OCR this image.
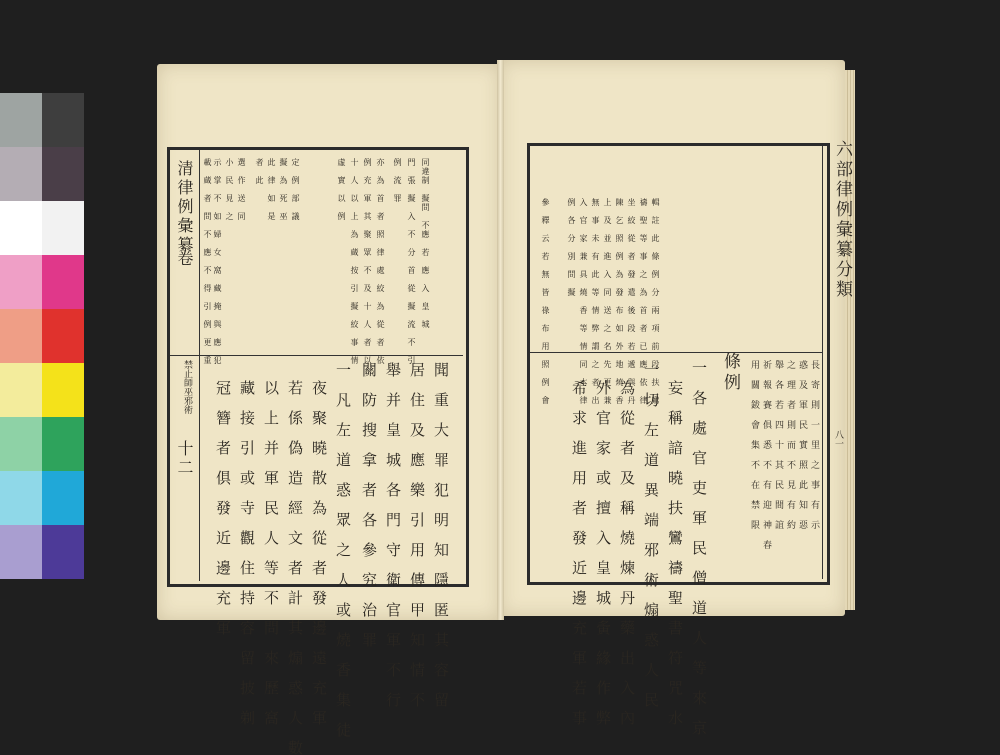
清律例彙纂
卷
禁止師巫邪術
十二
同違制　擬問　不應　若　應　入　皇　城
門　張　擬　入　不　分　首　從　擬　流　不　引
例　流　罪
亦　為　首　者　照　律　處　絞　為　從　者　依
例　充　軍　其　聚　眾　不　及　十　人　者　以
十　人　以　上　為　蔵　按　引　擬　絞　事　情
虛　實　以　例
定　例　部　議
擬　為　死　巫
此　律　如　是
者　此
選　作　送　同
小　民　見　之
示　掌　不　如　婦　女　窩　藏　掩　與　應　犯
載　蔵　者　問　不　應　不　得　引　例　更　重
聞　重　大　罪　犯　明　知　隱　匿　其　容　留
居　住　及　應　樂　引　用　傳　甲　知　情　不
舉　并　皇　城　各　門　守　衛　官　軍　不　行
關　防　搜　拿　者　各　參　究　治　罪
一　凡　左　道　惑　眾　之　人　或　燒　香　集　徒
夜　聚　曉　散　為　從　者　發　邊　遠　充　軍
若　係　偽　造　經　文　者　計　其　煽　惑　人　數
以　上　并　軍　民　人　等　不　問　來　歷　窩
藏　接　引　或　寺　觀　住　持　容　留　披　剃
冠　簪　者　俱　發　近　邊　充　軍
六部律例彙纂分類
八一
輯　註　此　條　例　分　兩　項　前　段　扶　鸞
禱　聖　等　事　之　為　首　者　已　應　依　律
坐　絞　從　者　發　遣　後　段　若　遞　與　丹
陳　乞　照　例　為　發　布　如　外　地　燒　香
上　及　並　進　入　同　送　之　名　先　更　兼
無　事　未　有　此　等　情　弊　謂　之　者　出
入　官　家　兼　具　燒　香　等　情　同　本　律
例　各　分　別　問　擬
參　釋　云　若　無　皆　祿　布　用　照　例　會	條例
一　各　處　官　吏　軍　民　僧　道　人　等　來　京
妄　稱　諳　曉　扶　鸞　禱　聖　書　符　咒　水
一　切　左　道　異　端　邪　術　煽　惑　人　民
為　從　者　及　稱　燒　煉　丹　藥　出　入　內
外　官　家　或　擅　入　皇　城　夤　緣　作　弊
希　求　進　用　者　發　近　邊　充　軍　若　事	長　寄　則　一　里　之　事　有　示
惑　及　軍　民　實　照　此　知　惡
之　理　者　則　而　不　見　有　約
舉　各　若　四　十　其　民　間　誼
祈　報　賽　俱　悉　不　有　迎　神　春
用　關　鈸　會　集　不　在　禁　限
